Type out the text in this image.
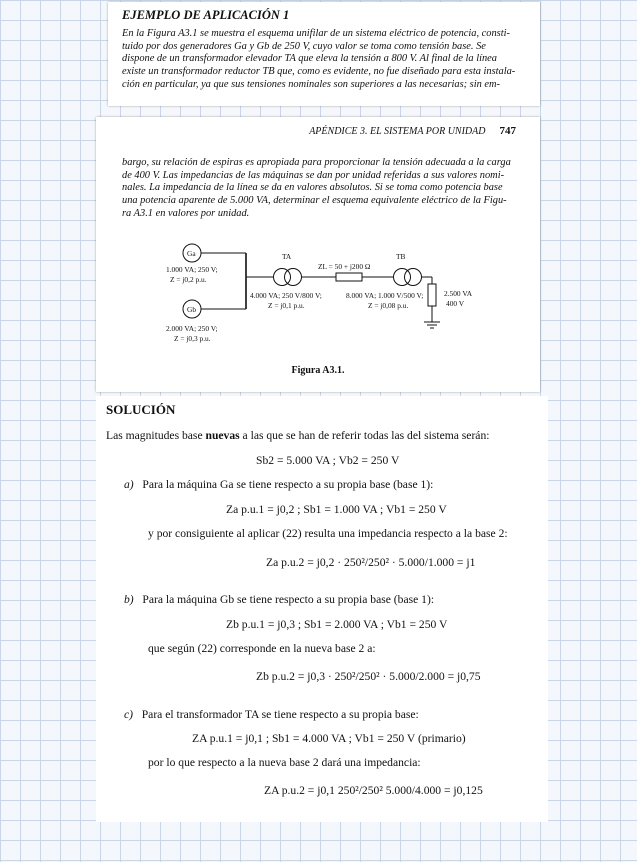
EJEMPLO DE APLICACIÓN 1
En la Figura A3.1 se muestra el esquema unifilar de un sistema eléctrico de potencia, consti-
tuido por dos generadores Ga y Gb de 250 V, cuyo valor se toma como tensión base. Se
dispone de un transformador elevador TA que eleva la tensión a 800 V. Al final de la línea
existe un transformador reductor TB que, como es evidente, no fue diseñado para esta instala-
ción en particular, ya que sus tensiones nominales son superiores a las necesarias; sin em-
APÉNDICE 3. EL SISTEMA POR UNIDAD 747
bargo, su relación de espiras es apropiada para proporcionar la tensión adecuada a la carga
de 400 V. Las impedancias de las máquinas se dan por unidad referidas a sus valores nomi-
nales. La impedancia de la línea se da en valores absolutos. Si se toma como potencia base
una potencia aparente de 5.000 VA, determinar el esquema equivalente eléctrico de la Figu-
ra A3.1 en valores por unidad.
Ga
Gb
1.000 VA; 250 V;
Z = j0,2 p.u.
2.000 VA; 250 V;
Z = j0,3 p.u.
TA	TB
ZL = 50 + j200 Ω
4.000 VA; 250 V/800 V;
Z = j0,1 p.u.
8.000 VA; 1.000 V/500 V;
Z = j0,08 p.u.
2.500 VA
400 V
Figura A3.1.
SOLUCIÓN
Las magnitudes base nuevas a las que se han de referir todas las del sistema serán:
Sb2 = 5.000 VA ; Vb2 = 250 V
a) Para la máquina Ga se tiene respecto a su propia base (base 1):
Za p.u.1 = j0,2 ; Sb1 = 1.000 VA ; Vb1 = 250 V
y por consiguiente al aplicar (22) resulta una impedancia respecto a la base 2:
Za p.u.2 = j0,2 · 250²/250² · 5.000/1.000 = j1
b) Para la máquina Gb se tiene respecto a su propia base (base 1):
Zb p.u.1 = j0,3 ; Sb1 = 2.000 VA ; Vb1 = 250 V
que según (22) corresponde en la nueva base 2 a:
Zb p.u.2 = j0,3 · 250²/250² · 5.000/2.000 = j0,75
c) Para el transformador TA se tiene respecto a su propia base:
ZA p.u.1 = j0,1 ; Sb1 = 4.000 VA ; Vb1 = 250 V (primario)
por lo que respecto a la nueva base 2 dará una impedancia:
ZA p.u.2 = j0,1 250²/250² 5.000/4.000 = j0,125
